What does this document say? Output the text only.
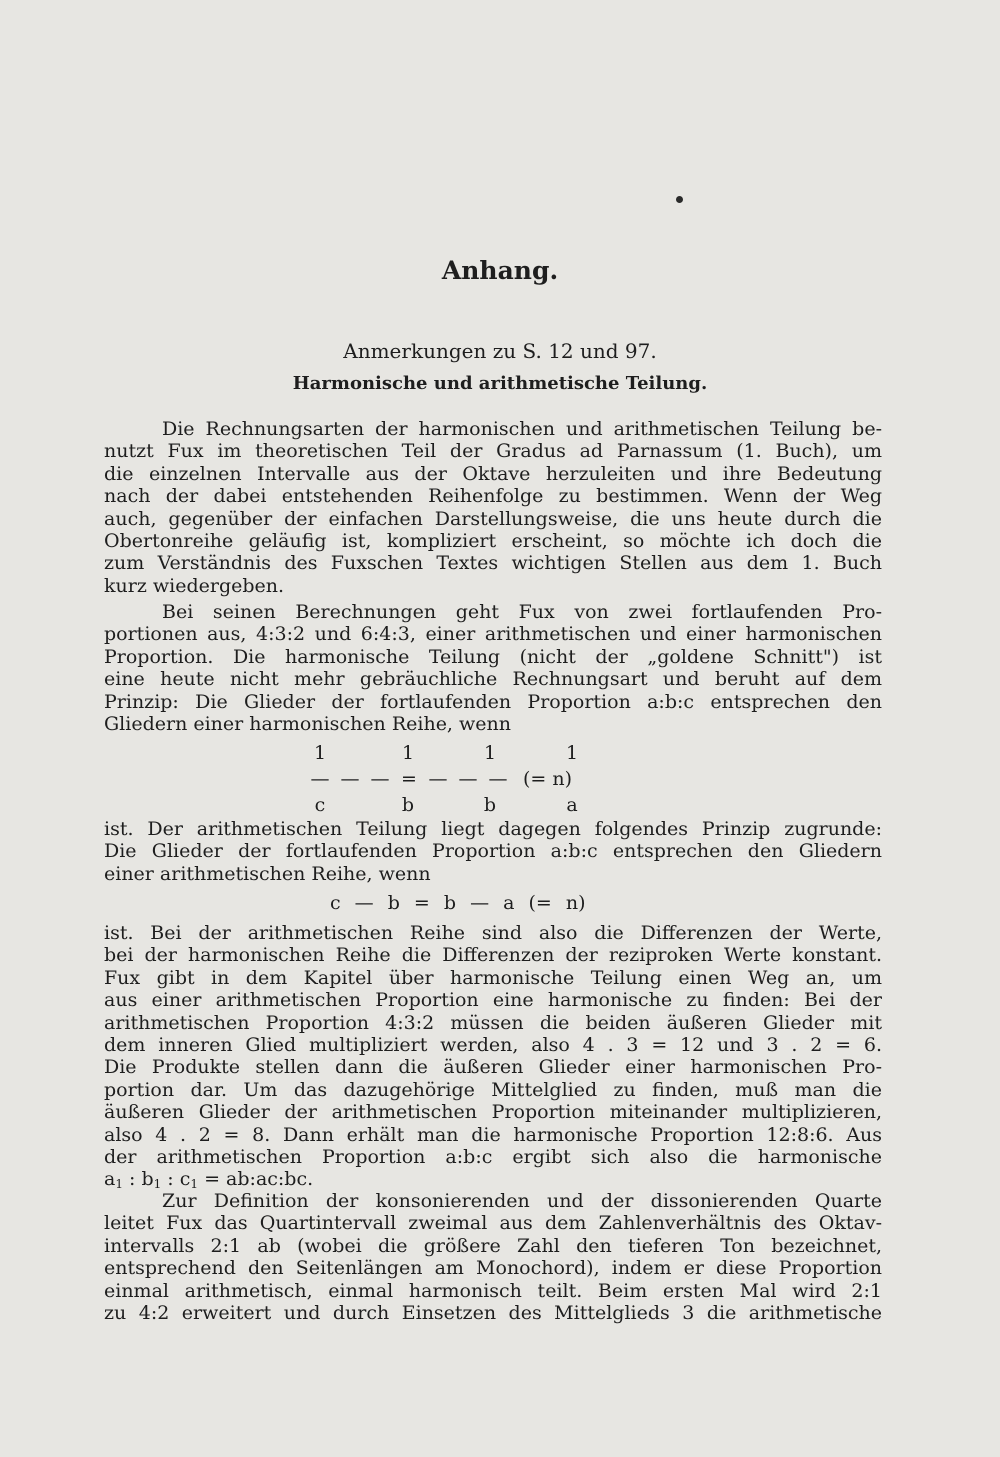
Anhang.
Anmerkungen zu S. 12 und 97.
Harmonische und arithmetische Teilung.
Die Rechnungsarten der harmonischen und arithmetischen Teilung be-
nutzt Fux im theoretischen Teil der Gradus ad Parnassum (1. Buch), um
die einzelnen Intervalle aus der Oktave herzuleiten und ihre Bedeutung
nach der dabei entstehenden Reihenfolge zu bestimmen. Wenn der Weg
auch, gegenüber der einfachen Darstellungsweise, die uns heute durch die
Obertonreihe geläufig ist, kompliziert erscheint, so möchte ich doch die
zum Verständnis des Fuxschen Textes wichtigen Stellen aus dem 1. Buch
kurz wiedergeben.
Bei seinen Berechnungen geht Fux von zwei fortlaufenden Pro-
portionen aus, 4:3:2 und 6:4:3, einer arithmetischen und einer harmonischen
Proportion. Die harmonische Teilung (nicht der „goldene Schnitt") ist
eine heute nicht mehr gebräuchliche Rechnungsart und beruht auf dem
Prinzip: Die Glieder der fortlaufenden Proportion a:b:c entsprechen den
Gliedern einer harmonischen Reihe, wenn
1	1	1	1
— — — = — — — (= n)
c	b	b	a
ist. Der arithmetischen Teilung liegt dagegen folgendes Prinzip zugrunde:
Die Glieder der fortlaufenden Proportion a:b:c entsprechen den Gliedern
einer arithmetischen Reihe, wenn
c — b = b — a (= n)
ist. Bei der arithmetischen Reihe sind also die Differenzen der Werte,
bei der harmonischen Reihe die Differenzen der reziproken Werte konstant.
Fux gibt in dem Kapitel über harmonische Teilung einen Weg an, um
aus einer arithmetischen Proportion eine harmonische zu finden: Bei der
arithmetischen Proportion 4:3:2 müssen die beiden äußeren Glieder mit
dem inneren Glied multipliziert werden, also 4 . 3 = 12 und 3 . 2 = 6.
Die Produkte stellen dann die äußeren Glieder einer harmonischen Pro-
portion dar. Um das dazugehörige Mittelglied zu finden, muß man die
äußeren Glieder der arithmetischen Proportion miteinander multiplizieren,
also 4 . 2 = 8. Dann erhält man die harmonische Proportion 12:8:6. Aus
der arithmetischen Proportion a:b:c ergibt sich also die harmonische
$a_1$ : $b_1$ : $c_1$ = ab:ac:bc.
Zur Definition der konsonierenden und der dissonierenden Quarte
leitet Fux das Quartintervall zweimal aus dem Zahlenverhältnis des Oktav-
intervalls 2:1 ab (wobei die größere Zahl den tieferen Ton bezeichnet,
entsprechend den Seitenlängen am Monochord), indem er diese Proportion
einmal arithmetisch, einmal harmonisch teilt. Beim ersten Mal wird 2:1
zu 4:2 erweitert und durch Einsetzen des Mittelglieds 3 die arithmetische
